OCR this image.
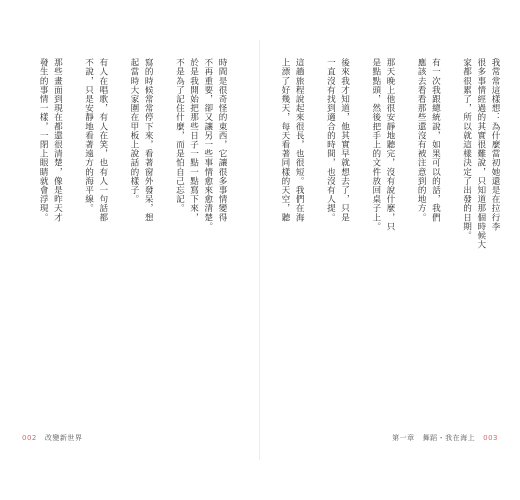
我常常這樣想：為什麼當初她還是在拉行李
很多事情經過的其實很難說，只知道那個時候大
家都很累了，所以就這樣決定了出發的日期。
有一次我跟總統說，如果可以的話，我們
應該去看看那些還沒有被注意到的地方。
那天晚上他很安靜地聽完，沒有說什麼，只
是點點頭，然後把手上的文件放回桌子上。
後來我才知道，他其實早就想去了，只是
一直沒有找到適合的時間，也沒有人提。
這趟旅程說起來很長，也很短。我們在海
上漂了好幾天，每天看著同樣的天空，聽
第一章 舞蹈・我在海上 003
時間是很奇怪的東西，它讓很多事情變得
不再重要，卻又讓另一些事情愈來愈清楚。
於是我開始把那些日子一點一點寫下來，
不是為了記住什麼，而是怕自己忘記。
寫的時候常常停下來，看著窗外發呆，想
起當時大家圍在甲板上說話的樣子。
有人在唱歌，有人在笑，也有人一句話都
不說，只是安靜地看著遠方的海平線。
那些畫面到現在都還很清楚，像是昨天才
發生的事情一樣，一閉上眼睛就會浮現。
002 改變新世界
